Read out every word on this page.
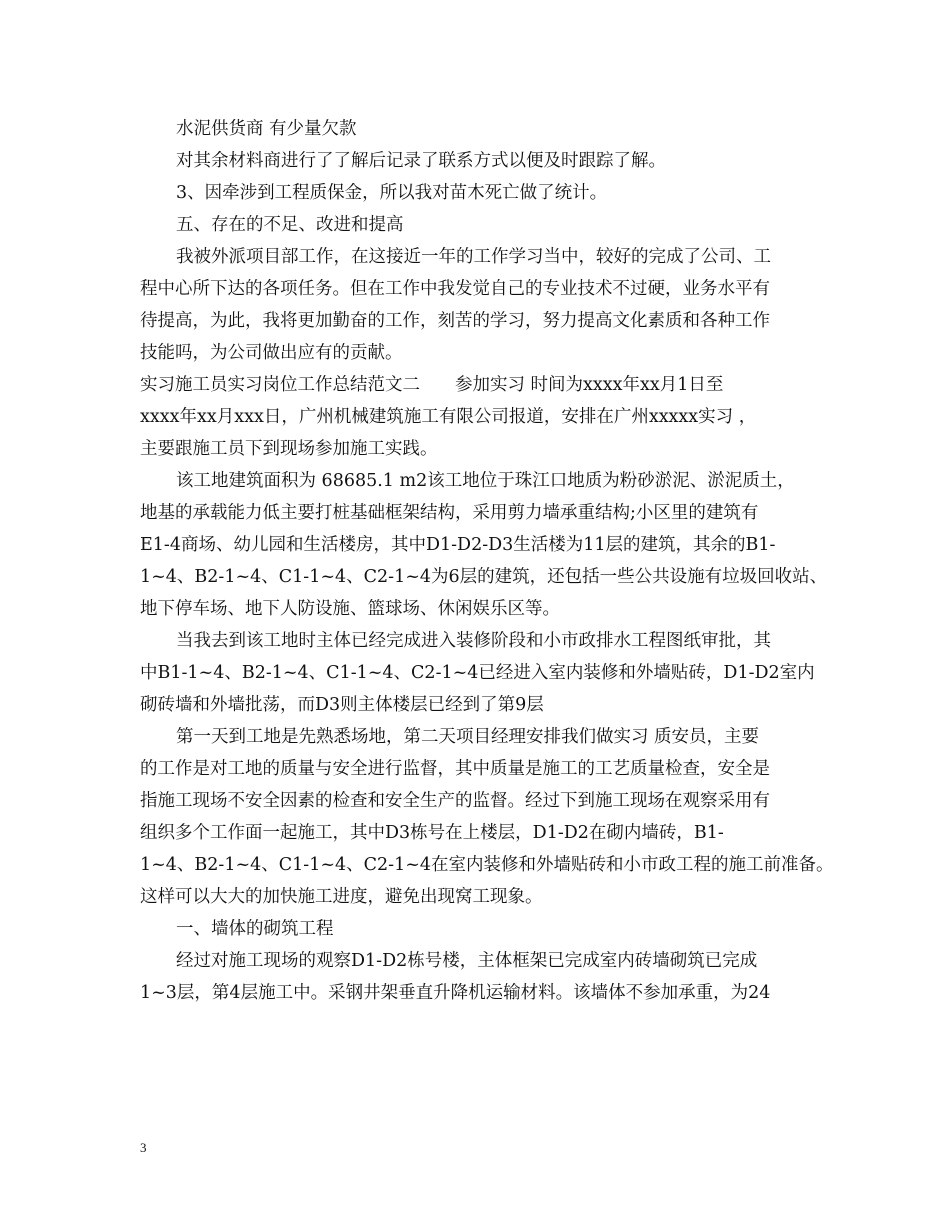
水泥供货商 有少量欠款
对其余材料商进行了了解后记录了联系方式以便及时跟踪了解。
3、因牵涉到工程质保金，所以我对苗木死亡做了统计。
五、存在的不足、改进和提高
我被外派项目部工作，在这接近一年的工作学习当中，较好的完成了公司、工
程中心所下达的各项任务。但在工作中我发觉自己的专业技术不过硬，业务水平有
待提高，为此，我将更加勤奋的工作，刻苦的学习，努力提高文化素质和各种工作
技能吗，为公司做出应有的贡献。
实习施工员实习岗位工作总结范文二　　参加实习 时间为xxxx年xx月1日至
xxxx年xx月xxx日，广州机械建筑施工有限公司报道，安排在广州xxxxx实习 ，
主要跟施工员下到现场参加施工实践。
该工地建筑面积为 68685.1 m2该工地位于珠江口地质为粉砂淤泥、淤泥质土，
地基的承载能力低主要打桩基础框架结构，采用剪力墙承重结构;小区里的建筑有
E1-4商场、幼儿园和生活楼房，其中D1-D2-D3生活楼为11层的建筑，其余的B1-
1~4、B2-1~4、C1-1~4、C2-1~4为6层的建筑，还包括一些公共设施有垃圾回收站、
地下停车场、地下人防设施、篮球场、休闲娱乐区等。
当我去到该工地时主体已经完成进入装修阶段和小市政排水工程图纸审批，其
中B1-1~4、B2-1~4、C1-1~4、C2-1~4已经进入室内装修和外墙贴砖，D1-D2室内
砌砖墙和外墙批荡，而D3则主体楼层已经到了第9层
第一天到工地是先熟悉场地，第二天项目经理安排我们做实习 质安员，主要
的工作是对工地的质量与安全进行监督，其中质量是施工的工艺质量检查，安全是
指施工现场不安全因素的检查和安全生产的监督。经过下到施工现场在观察采用有
组织多个工作面一起施工，其中D3栋号在上楼层，D1-D2在砌内墙砖，B1-
1~4、B2-1~4、C1-1~4、C2-1~4在室内装修和外墙贴砖和小市政工程的施工前准备。
这样可以大大的加快施工进度，避免出现窝工现象。
一、墙体的砌筑工程
经过对施工现场的观察D1-D2栋号楼，主体框架已完成室内砖墙砌筑已完成
1~3层，第4层施工中。采钢井架垂直升降机运输材料。该墙体不参加承重，为24
3
